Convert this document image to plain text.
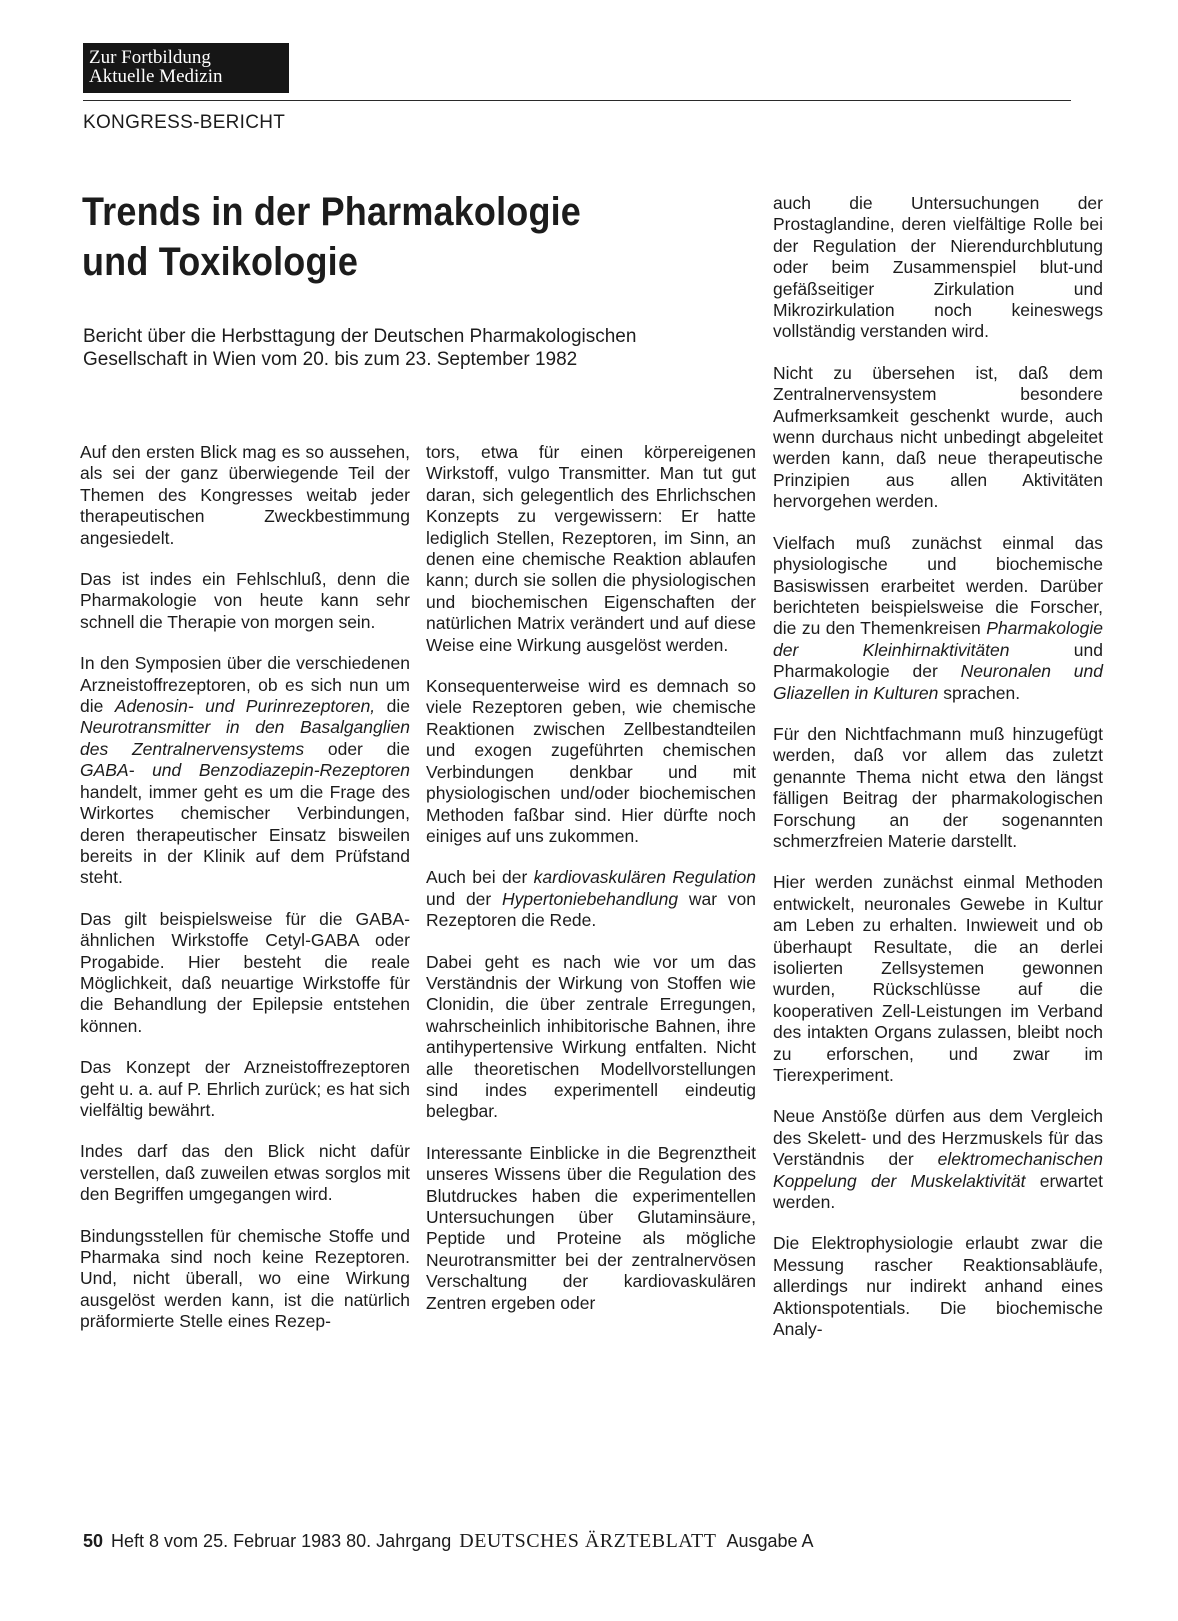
Zur Fortbildung
Aktuelle Medizin
KONGRESS-BERICHT
Trends in der Pharmakologie
und Toxikologie

Bericht über die Herbsttagung der Deutschen Pharmakologischen
Gesellschaft in Wien vom 20. bis zum 23. September 1982

Auf den ersten Blick mag es so aussehen, als sei der ganz überwiegende Teil der Themen des Kongresses weitab jeder therapeutischen Zweckbestimmung angesiedelt.

Das ist indes ein Fehlschluß, denn die Pharmakologie von heute kann sehr schnell die Therapie von morgen sein.

In den Symposien über die verschiedenen Arzneistoffrezeptoren, ob es sich nun um die Adenosin- und Purinrezeptoren, die Neurotransmitter in den Basalganglien des Zentralnervensystems oder die GABA- und Benzodiazepin-Rezeptoren handelt, immer geht es um die Frage des Wirkortes chemischer Verbindungen, deren therapeutischer Einsatz bisweilen bereits in der Klinik auf dem Prüfstand steht.

Das gilt beispielsweise für die GABA-ähnlichen Wirkstoffe Cetyl-GABA oder Progabide. Hier besteht die reale Möglichkeit, daß neuartige Wirkstoffe für die Behandlung der Epilepsie entstehen können.

Das Konzept der Arzneistoffrezeptoren geht u. a. auf P. Ehrlich zurück; es hat sich vielfältig bewährt.

Indes darf das den Blick nicht dafür verstellen, daß zuweilen etwas sorglos mit den Begriffen umgegangen wird.

Bindungsstellen für chemische Stoffe und Pharmaka sind noch keine Rezeptoren. Und, nicht überall, wo eine Wirkung ausgelöst werden kann, ist die natürlich präformierte Stelle eines Rezep-

tors, etwa für einen körpereigenen Wirkstoff, vulgo Transmitter. Man tut gut daran, sich gelegentlich des Ehrlichschen Konzepts zu vergewissern: Er hatte lediglich Stellen, Rezeptoren, im Sinn, an denen eine chemische Reaktion ablaufen kann; durch sie sollen die physiologischen und biochemischen Eigenschaften der natürlichen Matrix verändert und auf diese Weise eine Wirkung ausgelöst werden.

Konsequenterweise wird es demnach so viele Rezeptoren geben, wie chemische Reaktionen zwischen Zellbestandteilen und exogen zugeführten chemischen Verbindungen denkbar und mit physiologischen und/oder biochemischen Methoden faßbar sind. Hier dürfte noch einiges auf uns zukommen.

Auch bei der kardiovaskulären Regulation und der Hypertoniebehandlung war von Rezeptoren die Rede.

Dabei geht es nach wie vor um das Verständnis der Wirkung von Stoffen wie Clonidin, die über zentrale Erregungen, wahrscheinlich inhibitorische Bahnen, ihre antihypertensive Wirkung entfalten. Nicht alle theoretischen Modellvorstellungen sind indes experimentell eindeutig belegbar.

Interessante Einblicke in die Begrenztheit unseres Wissens über die Regulation des Blutdruckes haben die experimentellen Untersuchungen über Glutaminsäure, Peptide und Proteine als mögliche Neurotransmitter bei der zentralnervösen Verschaltung der kardiovaskulären Zentren ergeben oder

auch die Untersuchungen der Prostaglandine, deren vielfältige Rolle bei der Regulation der Nierendurchblutung oder beim Zusammenspiel blut-und gefäßseitiger Zirkulation und Mikrozirkulation noch keineswegs vollständig verstanden wird.

Nicht zu übersehen ist, daß dem Zentralnervensystem besondere Aufmerksamkeit geschenkt wurde, auch wenn durchaus nicht unbedingt abgeleitet werden kann, daß neue therapeutische Prinzipien aus allen Aktivitäten hervorgehen werden.

Vielfach muß zunächst einmal das physiologische und biochemische Basiswissen erarbeitet werden. Darüber berichteten beispielsweise die Forscher, die zu den Themenkreisen Pharmakologie der Kleinhirnaktivitäten und Pharmakologie der Neuronalen und Gliazellen in Kulturen sprachen.

Für den Nichtfachmann muß hinzugefügt werden, daß vor allem das zuletzt genannte Thema nicht etwa den längst fälligen Beitrag der pharmakologischen Forschung an der sogenannten schmerzfreien Materie darstellt.

Hier werden zunächst einmal Methoden entwickelt, neuronales Gewebe in Kultur am Leben zu erhalten. Inwieweit und ob überhaupt Resultate, die an derlei isolierten Zellsystemen gewonnen wurden, Rückschlüsse auf die kooperativen Zell-Leistungen im Verband des intakten Organs zulassen, bleibt noch zu erforschen, und zwar im Tierexperiment.

Neue Anstöße dürfen aus dem Vergleich des Skelett- und des Herzmuskels für das Verständnis der elektromechanischen Koppelung der Muskelaktivität erwartet werden.

Die Elektrophysiologie erlaubt zwar die Messung rascher Reaktionsabläufe, allerdings nur indirekt anhand eines Aktionspotentials. Die biochemische Analy-

50 Heft 8 vom 25. Februar 1983 80. Jahrgang DEUTSCHES ÄRZTEBLATT Ausgabe A
